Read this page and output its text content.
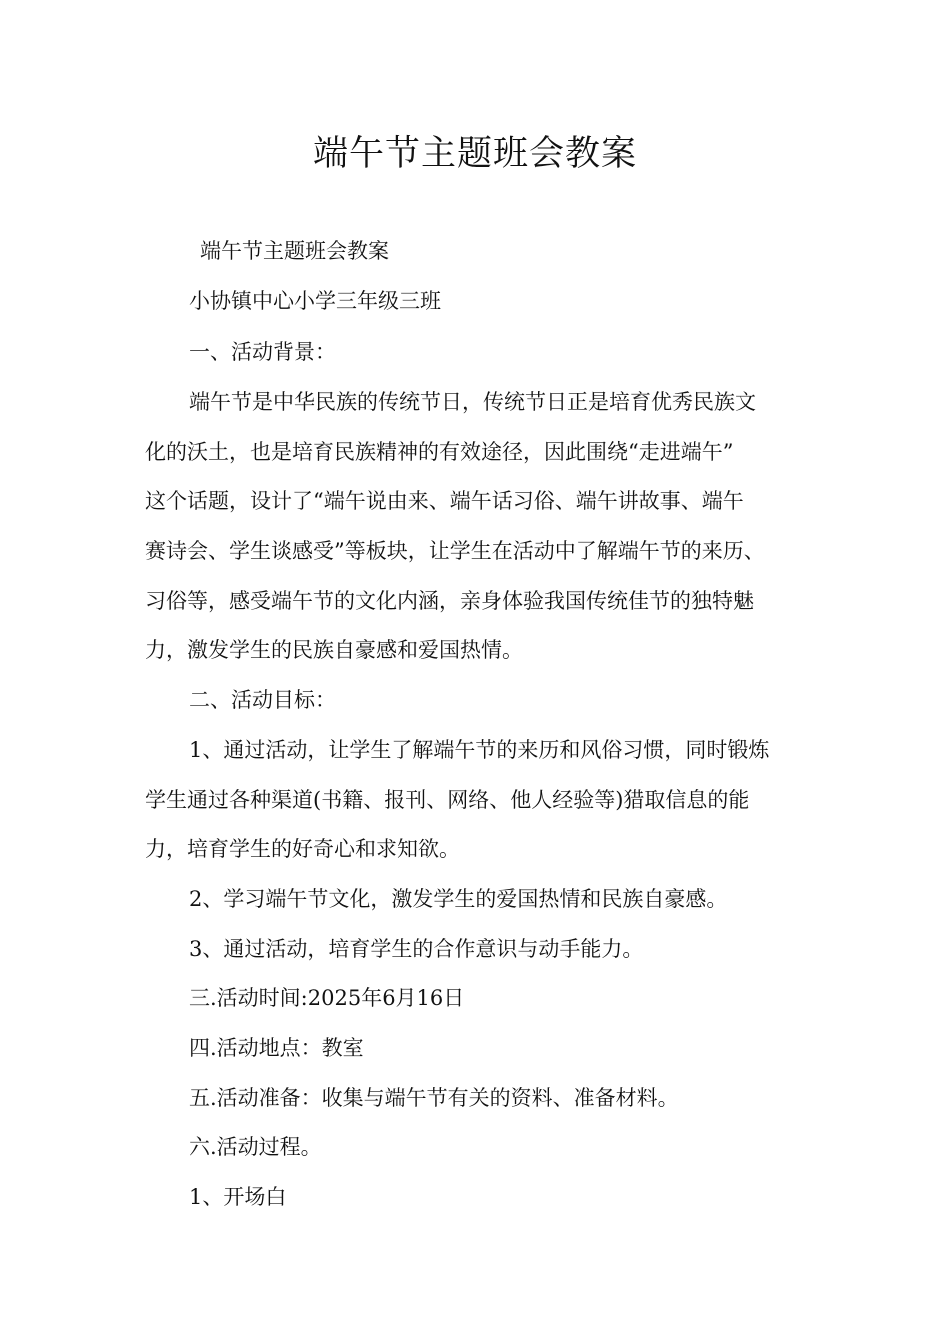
端午节主题班会教案
端午节主题班会教案
小协镇中心小学三年级三班
一、活动背景：
端午节是中华民族的传统节日，传统节日正是培育优秀民族文
化的沃土，也是培育民族精神的有效途径，因此围绕“走进端午”
这个话题，设计了“端午说由来、端午话习俗、端午讲故事、端午
赛诗会、学生谈感受”等板块，让学生在活动中了解端午节的来历、
习俗等，感受端午节的文化内涵，亲身体验我国传统佳节的独特魅
力，激发学生的民族自豪感和爱国热情。
二、活动目标：
1、通过活动，让学生了解端午节的来历和风俗习惯，同时锻炼
学生通过各种渠道(书籍、报刊、网络、他人经验等)猎取信息的能
力，培育学生的好奇心和求知欲。
2、学习端午节文化，激发学生的爱国热情和民族自豪感。
3、通过活动，培育学生的合作意识与动手能力。
三.活动时间:2025年6月16日
四.活动地点：教室
五.活动准备：收集与端午节有关的资料、准备材料。
六.活动过程。
1、开场白
